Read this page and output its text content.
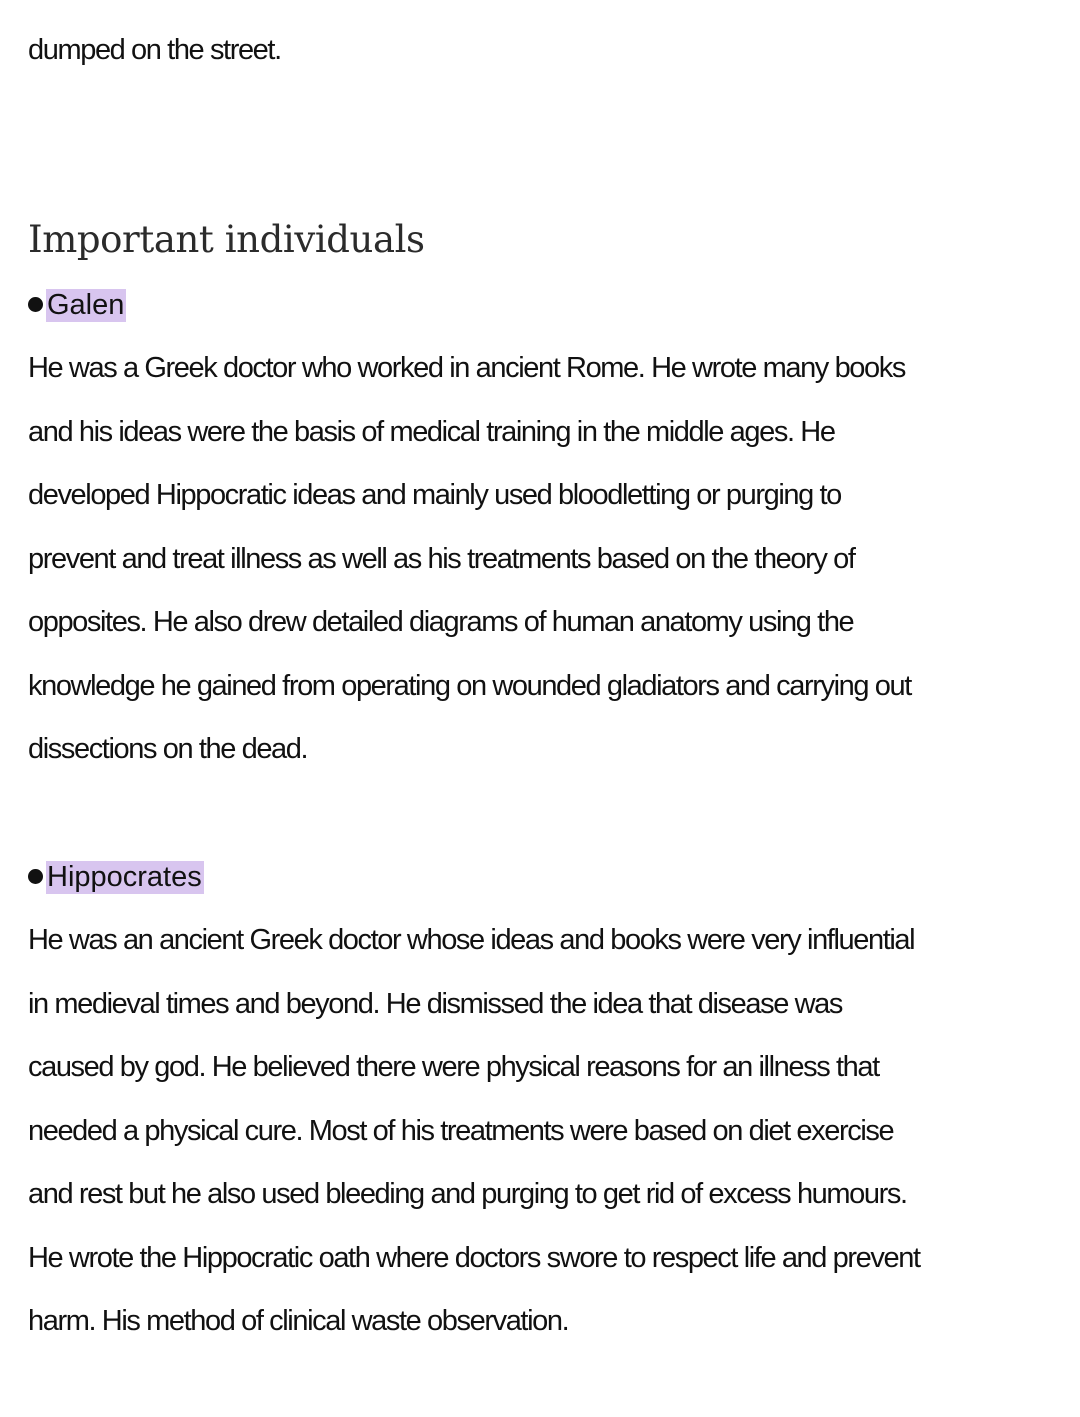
dumped on the street.
Important individuals
Galen
He was a Greek doctor who worked in ancient Rome. He wrote many books
and his ideas were the basis of medical training in the middle ages. He
developed Hippocratic ideas and mainly used bloodletting or purging to
prevent and treat illness as well as his treatments based on the theory of
opposites. He also drew detailed diagrams of human anatomy using the
knowledge he gained from operating on wounded gladiators and carrying out
dissections on the dead.
Hippocrates
He was an ancient Greek doctor whose ideas and books were very influential
in medieval times and beyond. He dismissed the idea that disease was
caused by god. He believed there were physical reasons for an illness that
needed a physical cure. Most of his treatments were based on diet exercise
and rest but he also used bleeding and purging to get rid of excess humours.
He wrote the Hippocratic oath where doctors swore to respect life and prevent
harm. His method of clinical waste observation.
